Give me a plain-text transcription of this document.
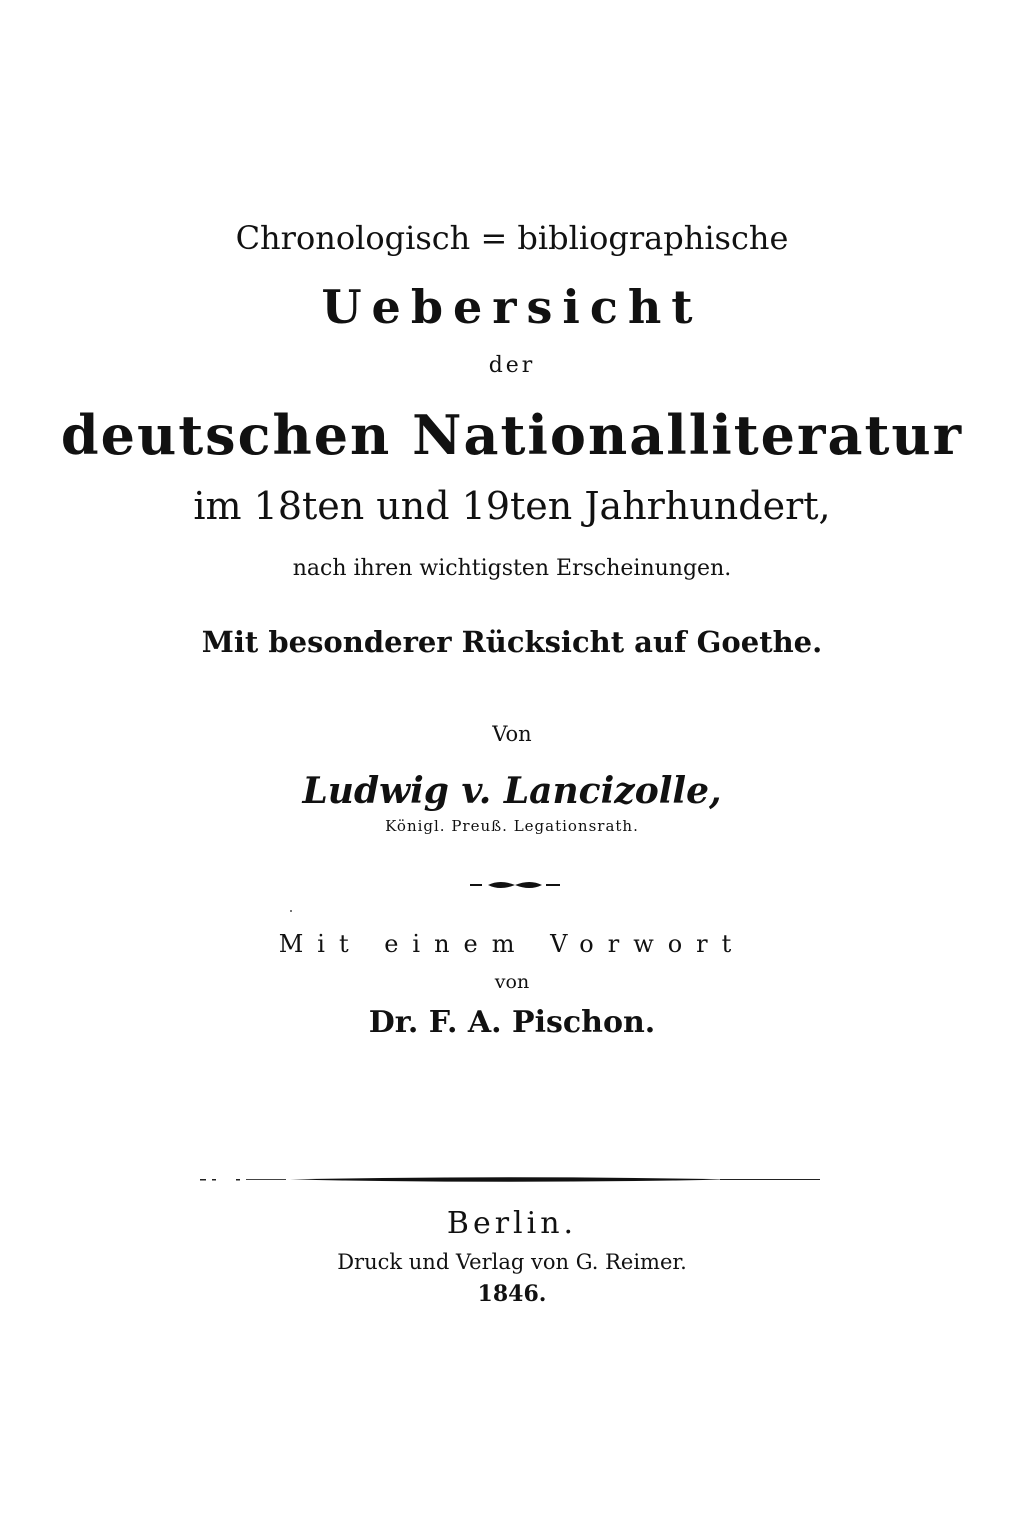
Chronologisch = bibliographische
Uebersicht
der
deutschen Nationalliteratur
im 18ten und 19ten Jahrhundert,
nach ihren wichtigsten Erscheinungen.
Mit besonderer Rücksicht auf Goethe.
Von
Ludwig v. Lancizolle,
Königl. Preuß. Legationsrath.
Mit einem Vorwort
von
Dr. F. A. Pischon.
Berlin.
Druck und Verlag von G. Reimer.
1846.
